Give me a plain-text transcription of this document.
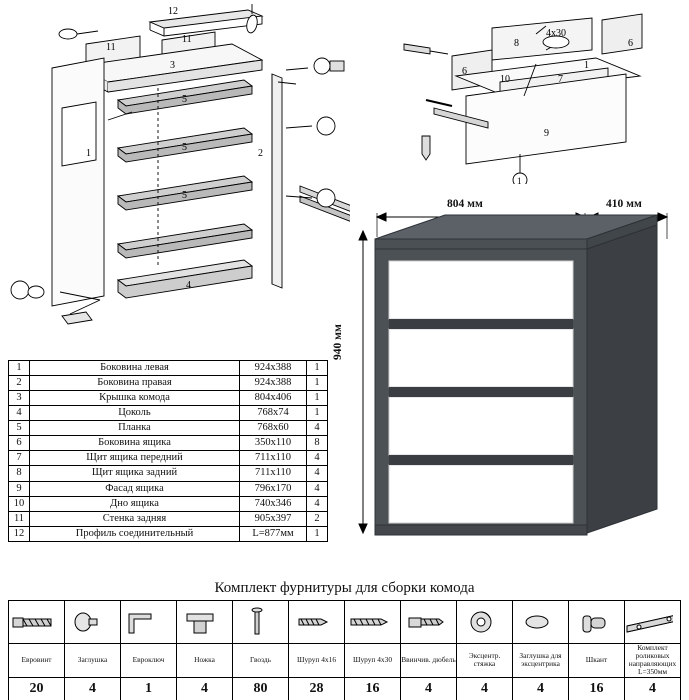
12
11
11
3
1	2
5
5
5
4
8
4х30
6
6
10	7
1
9
1
804 мм	410 мм
940 мм
1	Боковина левая	924х388	1
2	Боковина правая	924х388	1
3	Крышка комода	804х406	1
4	Цоколь	768х74	1
5	Планка	768х60	4
6	Боковина ящика	350х110	8
7	Щит ящика передний	711х110	4
8	Щит ящика задний	711х110	4
9	Фасад ящика	796х170	4
10	Дно ящика	740х346	4
11	Стенка задняя	905х397	2
12	Профиль соединительный	L=877мм	1
Комплект фурнитуры для сборки комода

Еврoвинт	Заглушка	Евроключ	Ножка	Гвоздь	Шуруп 4х16	Шуруп 4х30	Ввинчив. дюбель	Эксцентр. стяжка	Заглушка для эксцентрика	Шкант	Комплект роликовых направляющих L=350мм
20	4	1	4	80	28	16	4	4	4	16	4
